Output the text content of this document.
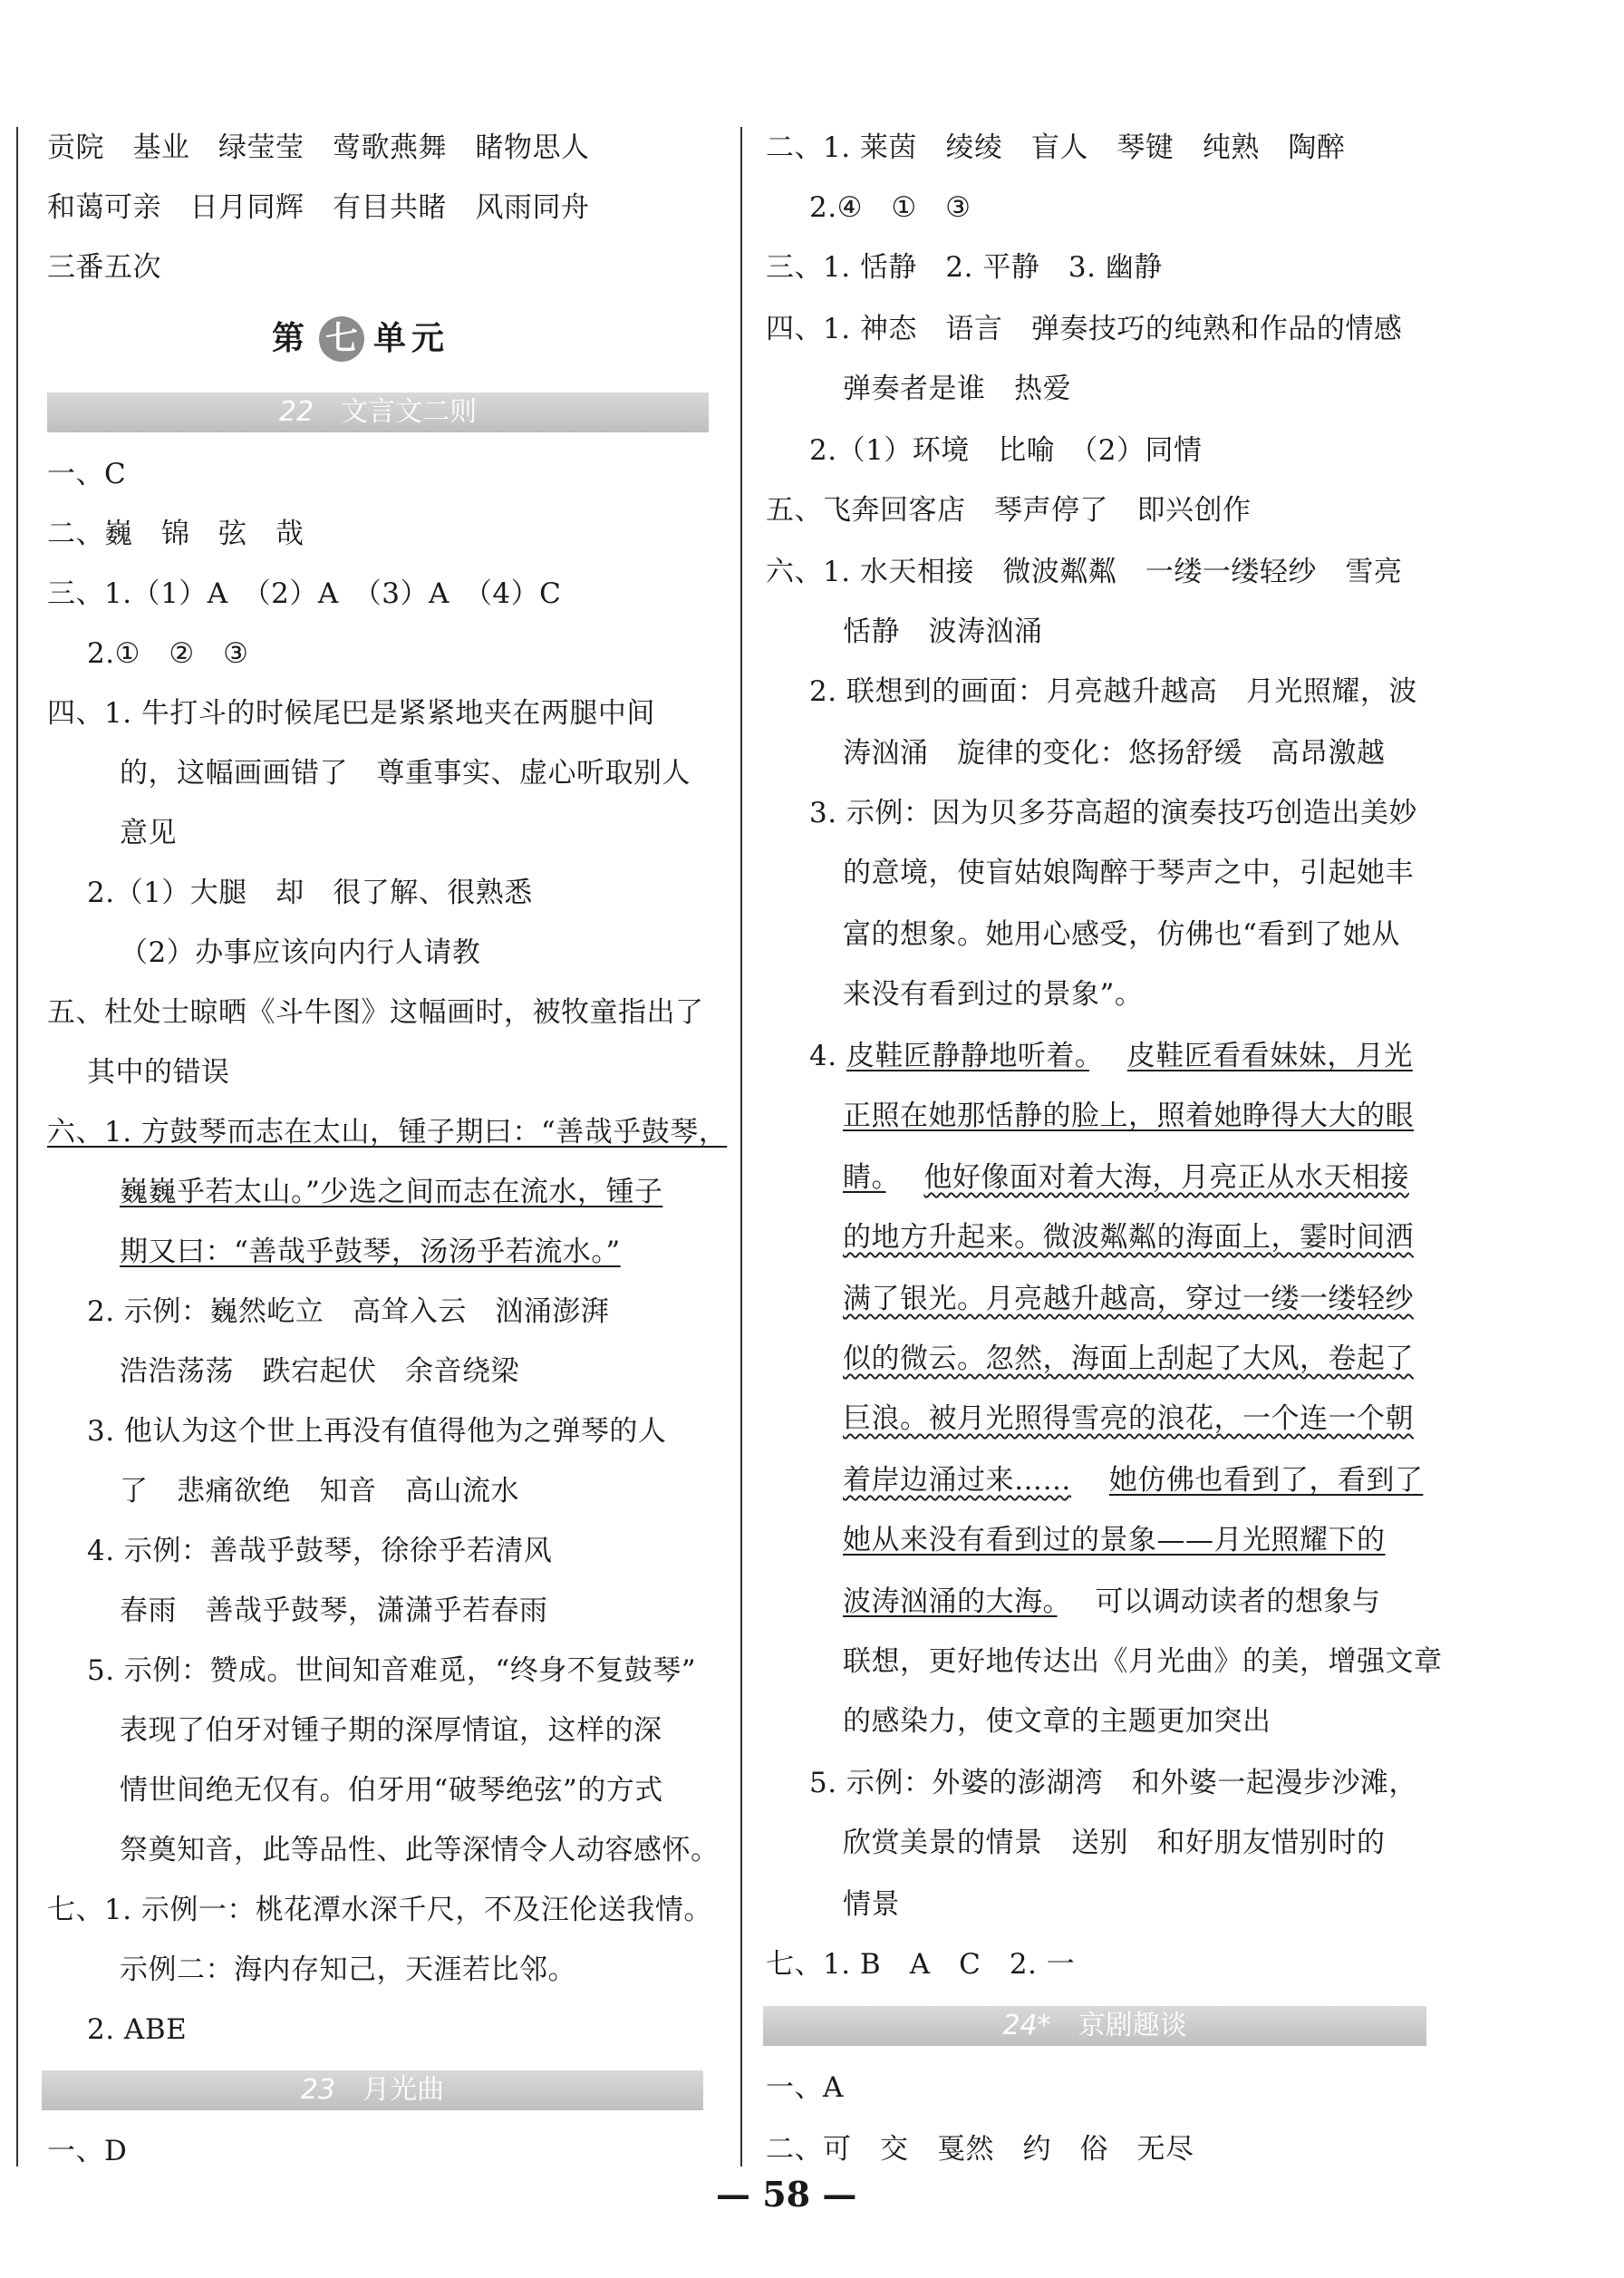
贡院　基业　绿莹莹　莺歌燕舞　睹物思人
和蔼可亲　日月同辉　有目共睹　风雨同舟
三番五次
第 七 单元
22 文言文二则
一、C
二、巍　锦　弦　哉
三、1.（1）A　（2）A　（3）A　（4）C
2.①　②　③
四、1. 牛打斗的时候尾巴是紧紧地夹在两腿中间
的，这幅画画错了　尊重事实、虚心听取别人
意见
2.（1）大腿　却　很了解、很熟悉
（2）办事应该向内行人请教
五、杜处士晾晒《斗牛图》这幅画时，被牧童指出了
其中的错误
六、1. 方鼓琴而志在太山，锺子期曰：“善哉乎鼓琴，
巍巍乎若太山。”少选之间而志在流水，锺子
期又曰：“善哉乎鼓琴，汤汤乎若流水。”
2. 示例：巍然屹立　高耸入云　汹涌澎湃
浩浩荡荡　跌宕起伏　余音绕梁
3. 他认为这个世上再没有值得他为之弹琴的人
了　悲痛欲绝　知音　高山流水
4. 示例：善哉乎鼓琴，徐徐乎若清风
春雨　善哉乎鼓琴，潇潇乎若春雨
5. 示例：赞成。世间知音难觅，“终身不复鼓琴”
表现了伯牙对锺子期的深厚情谊，这样的深
情世间绝无仅有。伯牙用“破琴绝弦”的方式
祭奠知音，此等品性、此等深情令人动容感怀。
七、1. 示例一：桃花潭水深千尺，不及汪伦送我情。
示例二：海内存知己，天涯若比邻。
2. ABE
23 月光曲
一、D
二、1. 莱茵　绫绫　盲人　琴键　纯熟　陶醉
2.④　①　③
三、1. 恬静　2. 平静　3. 幽静
四、1. 神态　语言　弹奏技巧的纯熟和作品的情感
弹奏者是谁　热爱
2.（1）环境　比喻　（2）同情
五、飞奔回客店　琴声停了　即兴创作
六、1. 水天相接　微波粼粼　一缕一缕轻纱　雪亮
恬静　波涛汹涌
2. 联想到的画面：月亮越升越高　月光照耀，波
涛汹涌　旋律的变化：悠扬舒缓　高昂激越
3. 示例：因为贝多芬高超的演奏技巧创造出美妙
的意境，使盲姑娘陶醉于琴声之中，引起她丰
富的想象。她用心感受，仿佛也“看到了她从
来没有看到过的景象”。
4. 皮鞋匠静静地听着。　 皮鞋匠看看妹妹，月光
正照在她那恬静的脸上，照着她睁得大大的眼
睛。　 他好像面对着大海，月亮正从水天相接
的地方升起来。微波粼粼的海面上，霎时间洒
满了银光。月亮越升越高，穿过一缕一缕轻纱
似的微云。忽然，海面上刮起了大风，卷起了
巨浪。被月光照得雪亮的浪花，一个连一个朝
着岸边涌过来……　 她仿佛也看到了，看到了
她从来没有看到过的景象——月光照耀下的
波涛汹涌的大海。　 可以调动读者的想象与
联想，更好地传达出《月光曲》的美，增强文章
的感染力，使文章的主题更加突出
5. 示例：外婆的澎湖湾　和外婆一起漫步沙滩，
欣赏美景的情景　送别　和好朋友惜别时的
情景
七、1. B　A　C　2. 一
24* 京剧趣谈
一、A
二、可　交　戛然　约　俗　无尽
— 58 —
